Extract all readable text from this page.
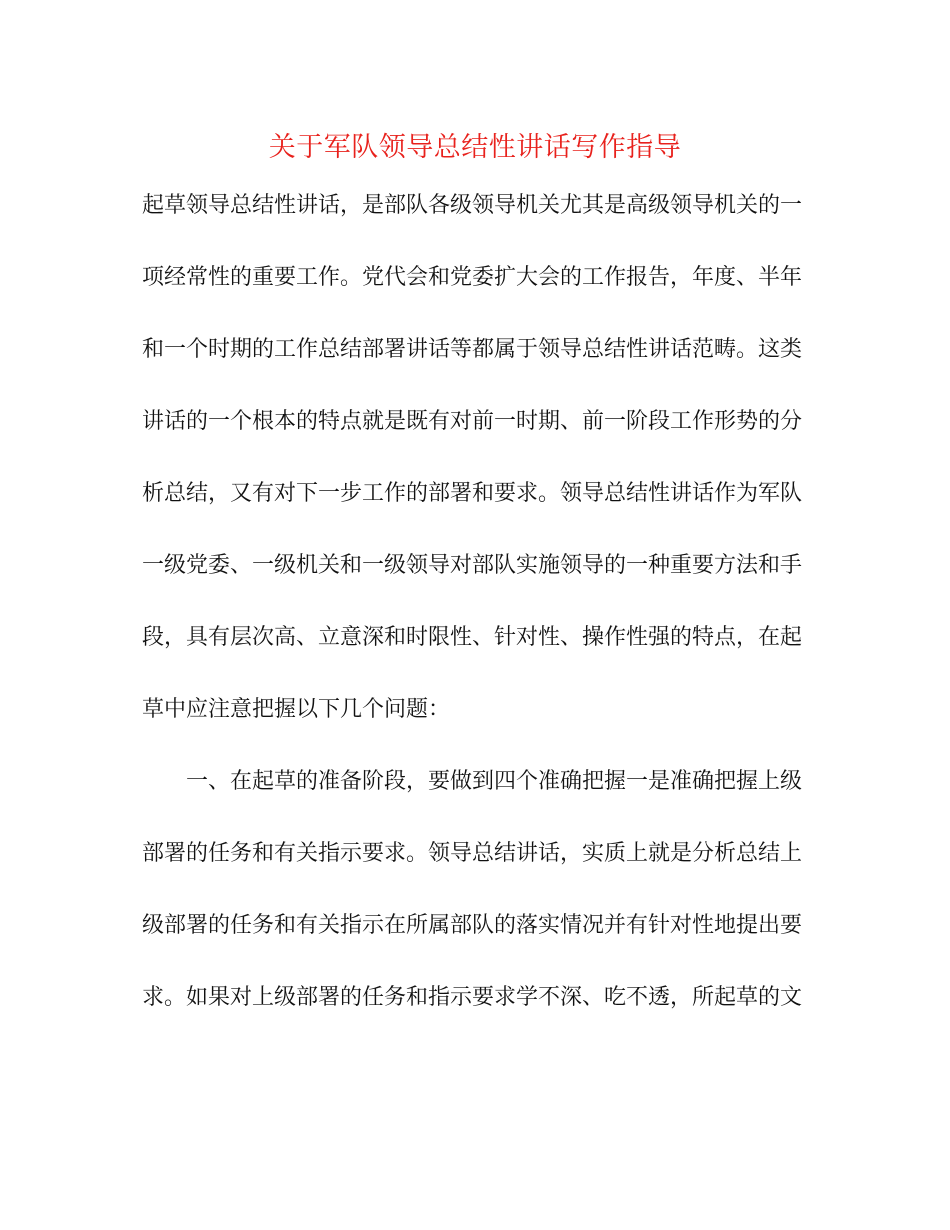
关于军队领导总结性讲话写作指导
起草领导总结性讲话，是部队各级领导机关尤其是高级领导机关的一
项经常性的重要工作。党代会和党委扩大会的工作报告，年度、半年
和一个时期的工作总结部署讲话等都属于领导总结性讲话范畴。这类
讲话的一个根本的特点就是既有对前一时期、前一阶段工作形势的分
析总结，又有对下一步工作的部署和要求。领导总结性讲话作为军队
一级党委、一级机关和一级领导对部队实施领导的一种重要方法和手
段，具有层次高、立意深和时限性、针对性、操作性强的特点，在起
草中应注意把握以下几个问题：
一、在起草的准备阶段，要做到四个准确把握一是准确把握上级
部署的任务和有关指示要求。领导总结讲话，实质上就是分析总结上
级部署的任务和有关指示在所属部队的落实情况并有针对性地提出要
求。如果对上级部署的任务和指示要求学不深、吃不透，所起草的文
